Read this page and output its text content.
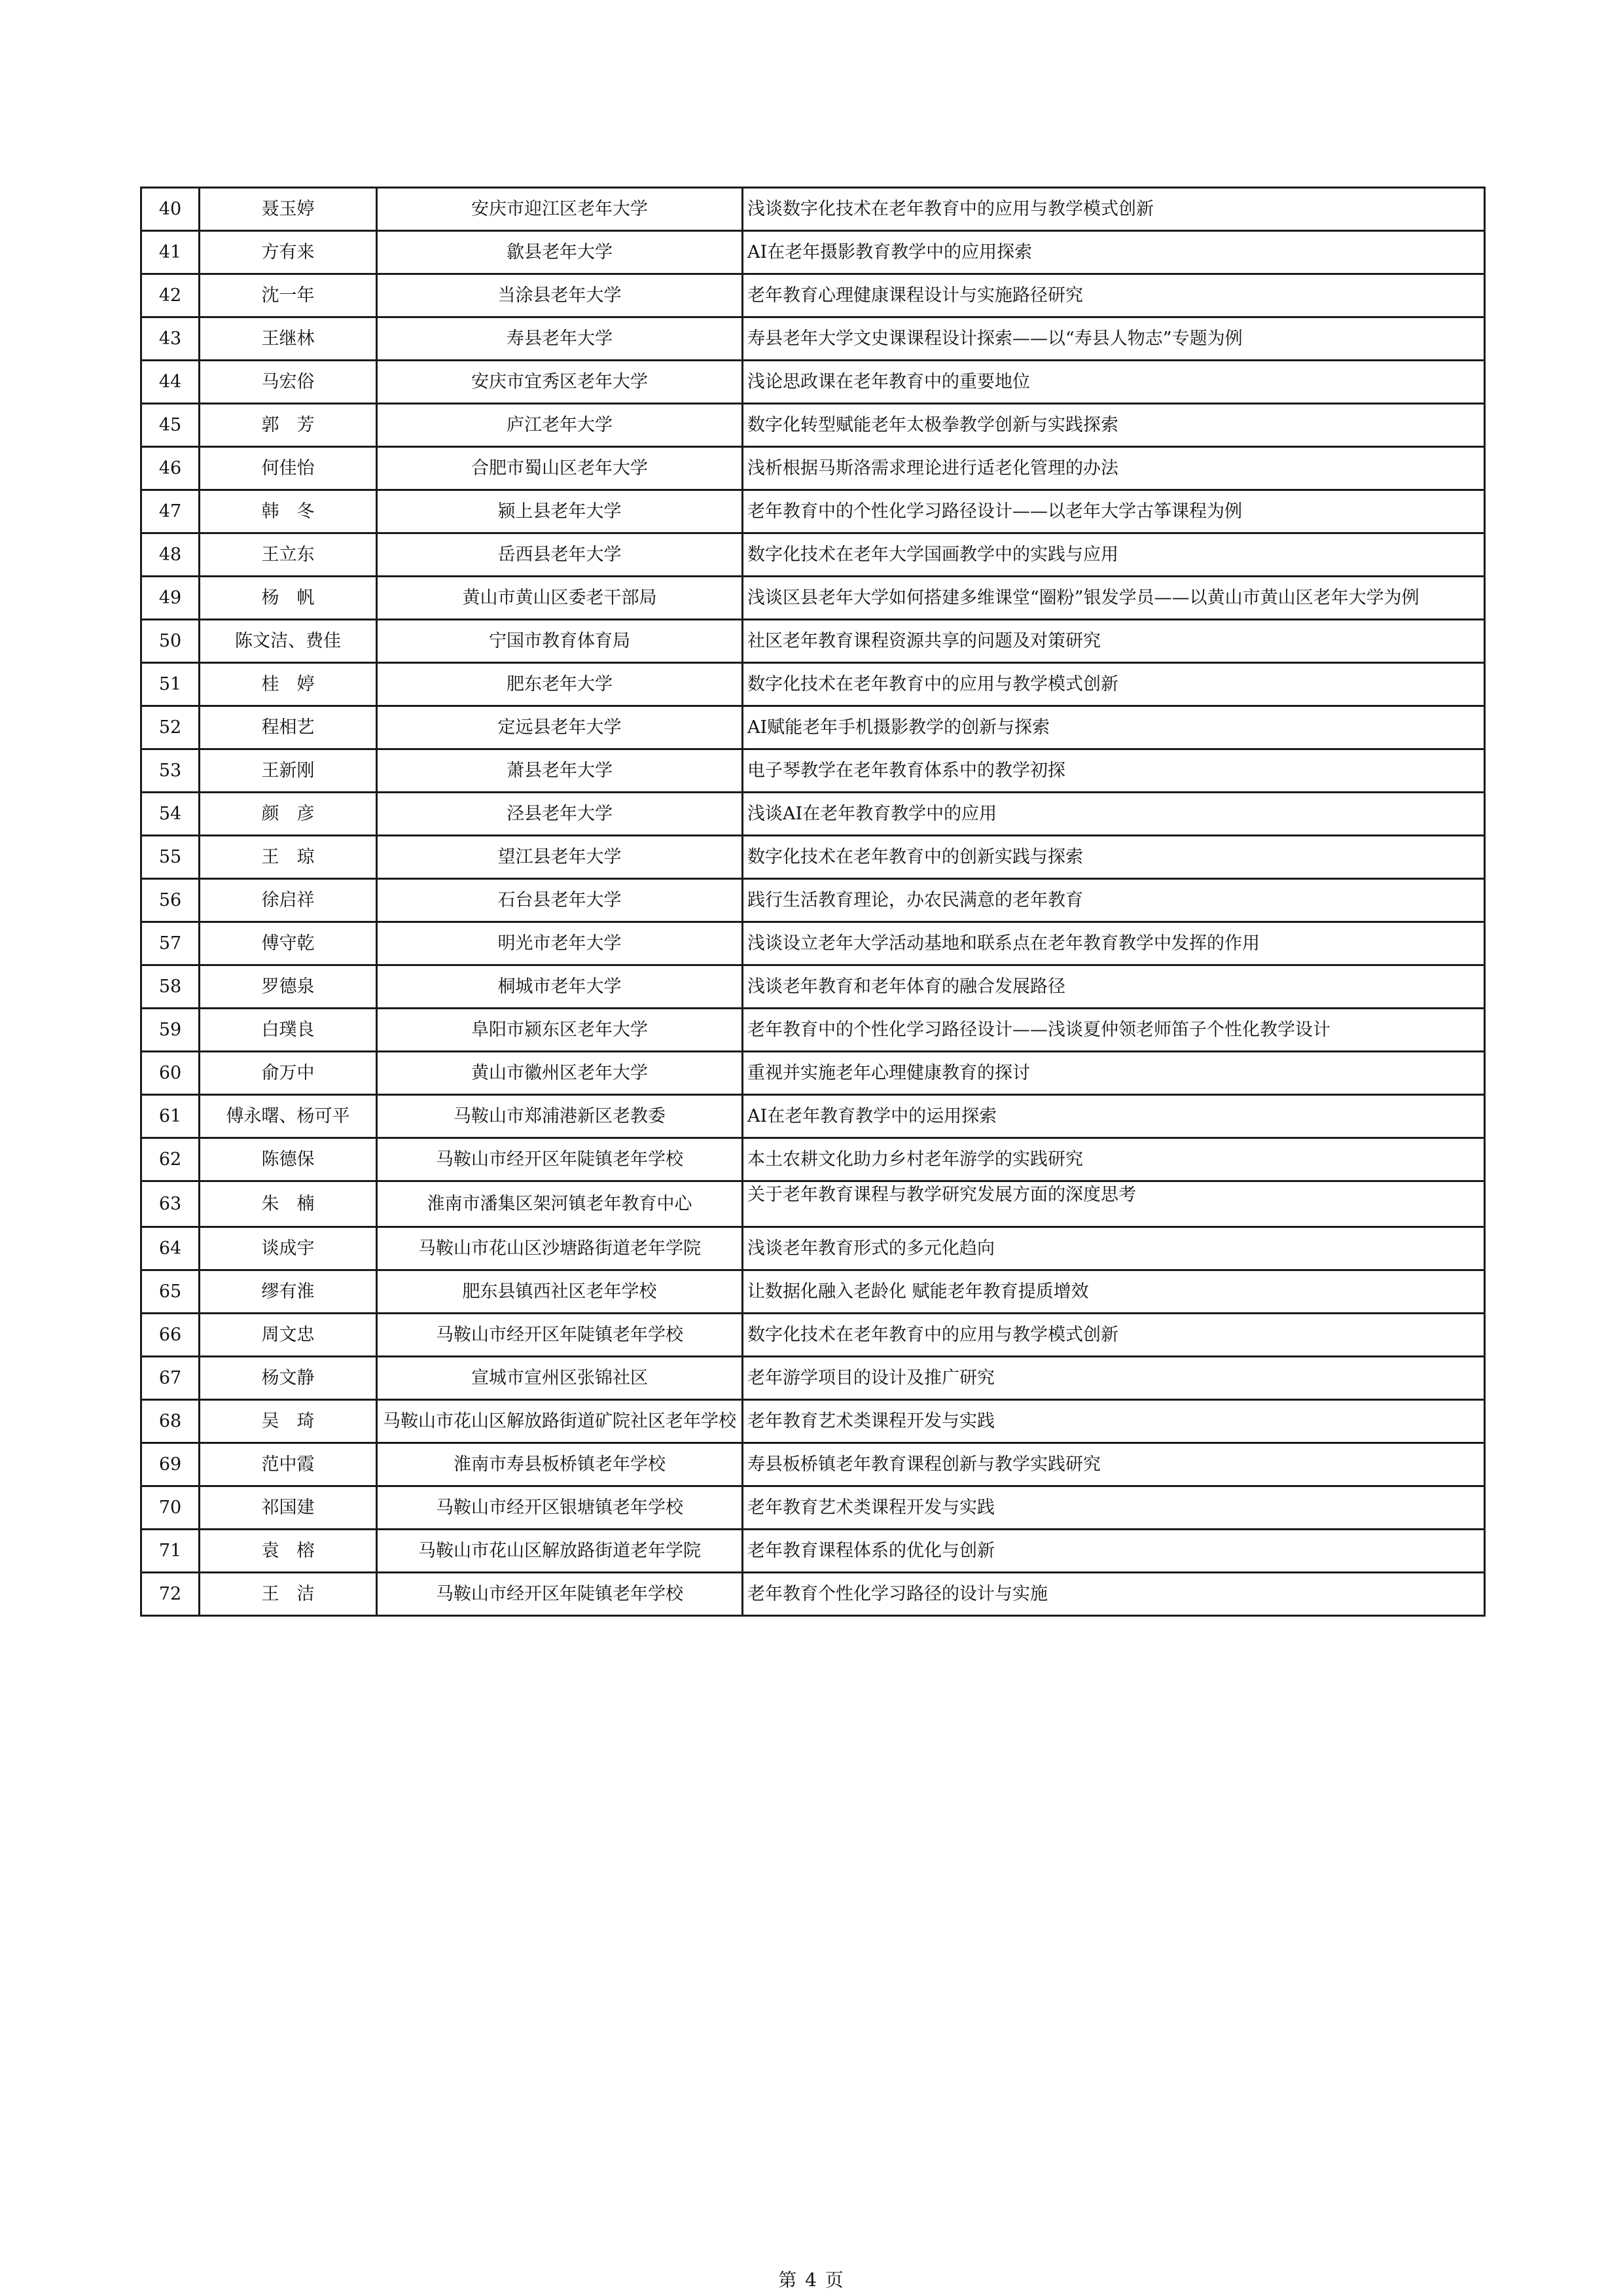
40	聂玉婷	安庆市迎江区老年大学	浅谈数字化技术在老年教育中的应用与教学模式创新
41	方有来	歙县老年大学	AI在老年摄影教育教学中的应用探索
42	沈一年	当涂县老年大学	老年教育心理健康课程设计与实施路径研究
43	王继林	寿县老年大学	寿县老年大学文史课课程设计探索——以“寿县人物志”专题为例
44	马宏俗	安庆市宜秀区老年大学	浅论思政课在老年教育中的重要地位
45	郭　芳	庐江老年大学	数字化转型赋能老年太极拳教学创新与实践探索
46	何佳怡	合肥市蜀山区老年大学	浅析根据马斯洛需求理论进行适老化管理的办法
47	韩　冬	颍上县老年大学	老年教育中的个性化学习路径设计——以老年大学古筝课程为例
48	王立东	岳西县老年大学	数字化技术在老年大学国画教学中的实践与应用
49	杨　帆	黄山市黄山区委老干部局	浅谈区县老年大学如何搭建多维课堂“圈粉”银发学员——以黄山市黄山区老年大学为例
50	陈文洁、费佳	宁国市教育体育局	社区老年教育课程资源共享的问题及对策研究
51	桂　婷	肥东老年大学	数字化技术在老年教育中的应用与教学模式创新
52	程相艺	定远县老年大学	AI赋能老年手机摄影教学的创新与探索
53	王新刚	萧县老年大学	电子琴教学在老年教育体系中的教学初探
54	颜　彦	泾县老年大学	浅谈AI在老年教育教学中的应用
55	王　琼	望江县老年大学	数字化技术在老年教育中的创新实践与探索
56	徐启祥	石台县老年大学	践行生活教育理论，办农民满意的老年教育
57	傅守乾	明光市老年大学	浅谈设立老年大学活动基地和联系点在老年教育教学中发挥的作用
58	罗德泉	桐城市老年大学	浅谈老年教育和老年体育的融合发展路径
59	白璞良	阜阳市颍东区老年大学	老年教育中的个性化学习路径设计——浅谈夏仲领老师笛子个性化教学设计
60	俞万中	黄山市徽州区老年大学	重视并实施老年心理健康教育的探讨
61	傅永曙、杨可平	马鞍山市郑浦港新区老教委	AI在老年教育教学中的运用探索
62	陈德保	马鞍山市经开区年陡镇老年学校	本土农耕文化助力乡村老年游学的实践研究
63	朱　楠	淮南市潘集区架河镇老年教育中心	关于老年教育课程与教学研究发展方面的深度思考
64	谈成宇	马鞍山市花山区沙塘路街道老年学院	浅谈老年教育形式的多元化趋向
65	缪有淮	肥东县镇西社区老年学校	让数据化融入老龄化 赋能老年教育提质增效
66	周文忠	马鞍山市经开区年陡镇老年学校	数字化技术在老年教育中的应用与教学模式创新
67	杨文静	宣城市宣州区张锦社区	老年游学项目的设计及推广研究
68	吴　琦	马鞍山市花山区解放路街道矿院社区老年学校	老年教育艺术类课程开发与实践
69	范中霞	淮南市寿县板桥镇老年学校	寿县板桥镇老年教育课程创新与教学实践研究
70	祁国建	马鞍山市经开区银塘镇老年学校	老年教育艺术类课程开发与实践
71	袁　榕	马鞍山市花山区解放路街道老年学院	老年教育课程体系的优化与创新
72	王　洁	马鞍山市经开区年陡镇老年学校	老年教育个性化学习路径的设计与实施
第 4 页
